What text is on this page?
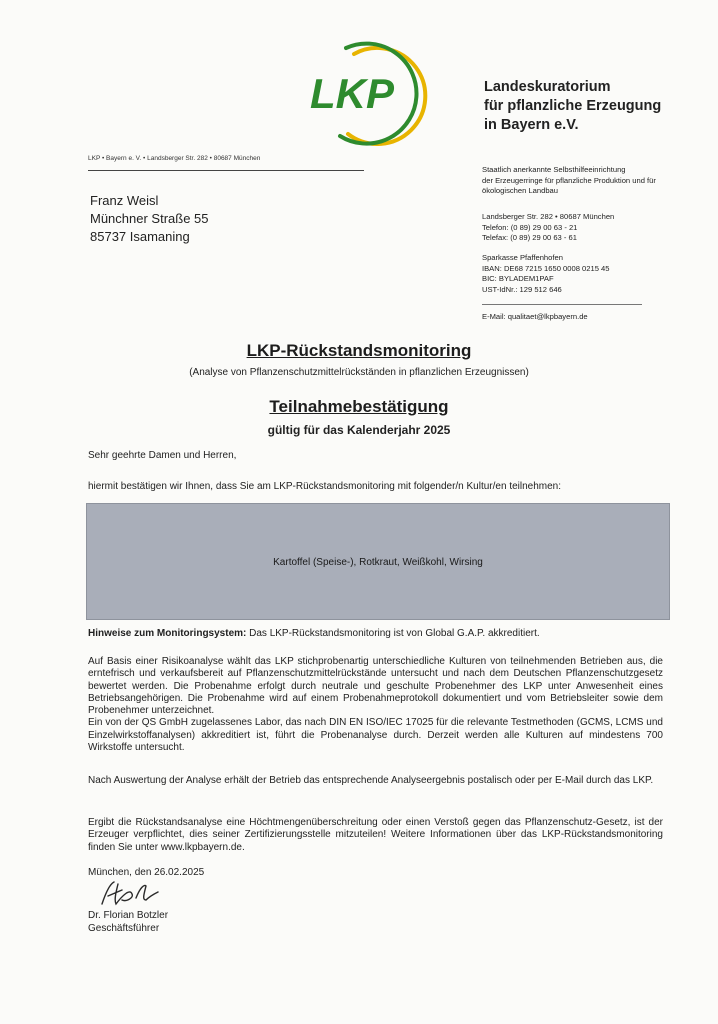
LKP	Landeskuratorium
für pflanzliche Erzeugung
in Bayern e.V.
LKP • Bayern e. V. • Landsberger Str. 282 • 80687 München
Franz Weisl
Münchner Straße 55
85737 Isamaning
Staatlich anerkannte Selbsthilfeeinrichtung
der Erzeugerringe für pflanzliche Produktion und für
ökologischen Landbau
Landsberger Str. 282 • 80687 München
Telefon: (0 89) 29 00 63 - 21
Telefax: (0 89) 29 00 63 - 61
Sparkasse Pfaffenhofen
IBAN: DE68 7215 1650 0008 0215 45
BIC: BYLADEM1PAF
UST-IdNr.: 129 512 646
E-Mail: qualitaet@lkpbayern.de
LKP-Rückstandsmonitoring
(Analyse von Pflanzenschutzmittelrückständen in pflanzlichen Erzeugnissen)
Teilnahmebestätigung
gültig für das Kalenderjahr 2025
Sehr geehrte Damen und Herren,
hiermit bestätigen wir Ihnen, dass Sie am LKP-Rückstandsmonitoring mit folgender/n Kultur/en teilnehmen:
Kartoffel (Speise-), Rotkraut, Weißkohl, Wirsing
Hinweise zum Monitoringsystem: Das LKP-Rückstandsmonitoring ist von Global G.A.P. akkreditiert.
Auf Basis einer Risikoanalyse wählt das LKP stichprobenartig unterschiedliche Kulturen von teilnehmenden Betrieben aus, die erntefrisch und verkaufsbereit auf Pflanzenschutzmittelrückstände untersucht und nach dem Deutschen Pflanzenschutzgesetz bewertet werden. Die Probenahme erfolgt durch neutrale und geschulte Probenehmer des LKP unter Anwesenheit eines Betriebsangehörigen. Die Probenahme wird auf einem Probenahmeprotokoll dokumentiert und vom Betriebsleiter sowie dem Probenehmer unterzeichnet.
Ein von der QS GmbH zugelassenes Labor, das nach DIN EN ISO/IEC 17025 für die relevante Testmethoden (GCMS, LCMS und Einzelwirkstoffanalysen) akkreditiert ist, führt die Probenanalyse durch. Derzeit werden alle Kulturen auf mindestens 700 Wirkstoffe untersucht.
Nach Auswertung der Analyse erhält der Betrieb das entsprechende Analyseergebnis postalisch oder per E-Mail durch das LKP.
Ergibt die Rückstandsanalyse eine Höchtmengenüberschreitung oder einen Verstoß gegen das Pflanzenschutz-Gesetz, ist der Erzeuger verpflichtet, dies seiner Zertifizierungsstelle mitzuteilen! Weitere Informationen über das LKP-Rückstandsmonitoring finden Sie unter www.lkpbayern.de.
München, den 26.02.2025
Dr. Florian Botzler
Geschäftsführer
